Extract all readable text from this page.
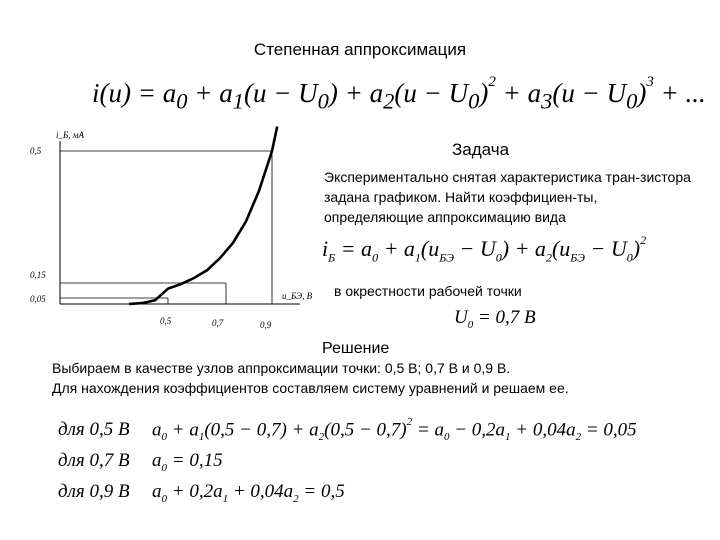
Степенная аппроксимация
$i(u) = a_0 + a_1(u - U_0) + a_2(u - U_0)^2 + a_3(u - U_0)^3$ + ...
i_Б, мА
u_БЭ, В
0,5
0,15
0,05
0,5	0,7	0,9
Задача
Экспериментально снятая характеристика тран-зистора задана графиком. Найти коэффициен-ты, определяющие аппроксимацию вида
$i_Б = a_0 + a_1(u_{БЭ} - U_0) + a_2(u_{БЭ} - U_0)^2$
в окрестности рабочей точки
$U_0 = 0,7$ B
Решение
Выбираем в качестве узлов аппроксимации точки: 0,5 В; 0,7 В и 0,9 В.
Для нахождения коэффициентов составляем систему уравнений и решаем ее.
для 0,5 В $a_0 + a_1(0,5 - 0,7) + a_2(0,5 - 0,7)^2 = a_0 - 0,2a_1 + 0,04a_2 = 0,05$
для 0,7 В $a_0 = 0,15$
для 0,9 В $a_0 + 0,2a_1 + 0,04a_2 = 0,5$
